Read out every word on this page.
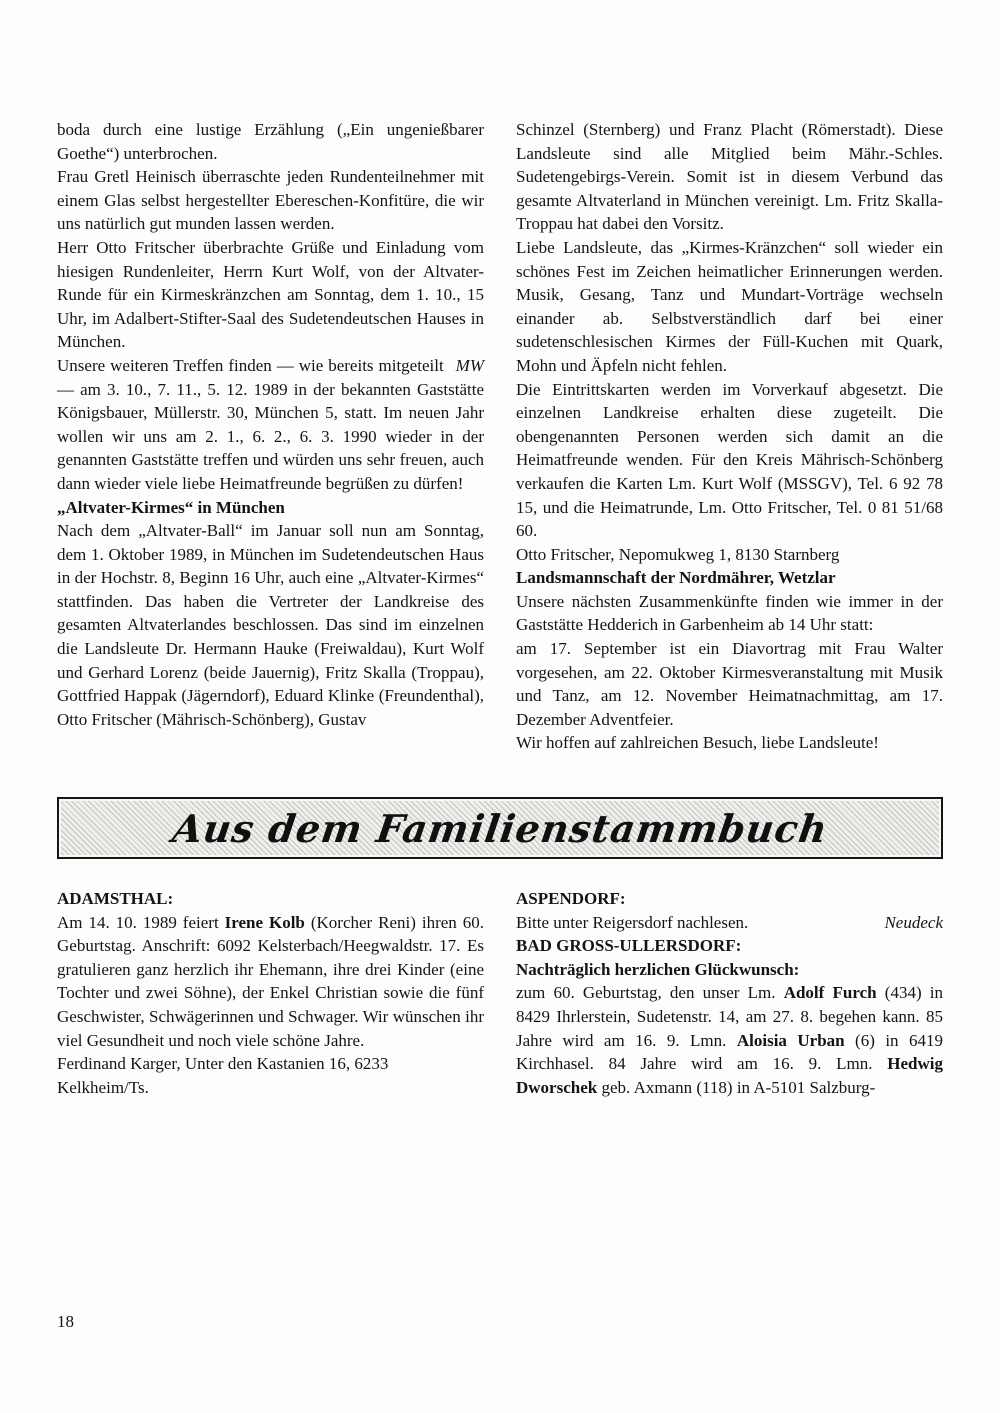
boda durch eine lustige Erzählung („Ein ungenießbarer Goethe“) unterbrochen.

Frau Gretl Heinisch überraschte jeden Rundenteilnehmer mit einem Glas selbst hergestellter Ebereschen-Konfitüre, die wir uns natürlich gut munden lassen werden.

Herr Otto Fritscher überbrachte Grüße und Einladung vom hiesigen Rundenleiter, Herrn Kurt Wolf, von der Altvater-Runde für ein Kirmeskränzchen am Sonntag, dem 1. 10., 15 Uhr, im Adalbert-Stifter-Saal des Sudetendeutschen Hauses in München.

MW
Unsere weiteren Treffen finden — wie bereits mitgeteilt — am 3. 10., 7. 11., 5. 12. 1989 in der bekannten Gaststätte Königsbauer, Müllerstr. 30, München 5, statt. Im neuen Jahr wollen wir uns am 2. 1., 6. 2., 6. 3. 1990 wieder in der genannten Gaststätte treffen und würden uns sehr freuen, auch dann wieder viele liebe Heimatfreunde begrüßen zu dürfen!

„Altvater-Kirmes“ in München

Nach dem „Altvater-Ball“ im Januar soll nun am Sonntag, dem 1. Oktober 1989, in München im Sudetendeutschen Haus in der Hochstr. 8, Beginn 16 Uhr, auch eine „Altvater-Kirmes“ stattfinden. Das haben die Vertreter der Landkreise des gesamten Altvaterlandes beschlossen. Das sind im einzelnen die Landsleute Dr. Hermann Hauke (Freiwaldau), Kurt Wolf und Gerhard Lorenz (beide Jauernig), Fritz Skalla (Troppau), Gottfried Happak (Jägerndorf), Eduard Klinke (Freundenthal), Otto Fritscher (Mährisch-Schönberg), Gustav

Schinzel (Sternberg) und Franz Placht (Römerstadt). Diese Landsleute sind alle Mitglied beim Mähr.-Schles. Sudetengebirgs-Verein. Somit ist in diesem Verbund das gesamte Altvaterland in München vereinigt. Lm. Fritz Skalla-Troppau hat dabei den Vorsitz.

Liebe Landsleute, das „Kirmes-Kränzchen“ soll wieder ein schönes Fest im Zeichen heimatlicher Erinnerungen werden. Musik, Gesang, Tanz und Mundart-Vorträge wechseln einander ab. Selbstverständlich darf bei einer sudetenschlesischen Kirmes der Füll-Kuchen mit Quark, Mohn und Äpfeln nicht fehlen.

Die Eintrittskarten werden im Vorverkauf abgesetzt. Die einzelnen Landkreise erhalten diese zugeteilt. Die obengenannten Personen werden sich damit an die Heimatfreunde wenden. Für den Kreis Mährisch-Schönberg verkaufen die Karten Lm. Kurt Wolf (MSSGV), Tel. 6 92 78 15, und die Heimatrunde, Lm. Otto Fritscher, Tel. 0 81 51/68 60.

Otto Fritscher, Nepomukweg 1, 8130 Starnberg

Landsmannschaft der Nordmährer, Wetzlar

Unsere nächsten Zusammenkünfte finden wie immer in der Gaststätte Hedderich in Garbenheim ab 14 Uhr statt:

am 17. September ist ein Diavortrag mit Frau Walter vorgesehen, am 22. Oktober Kirmesveranstaltung mit Musik und Tanz, am 12. November Heimatnachmittag, am 17. Dezember Adventfeier.

Wir hoffen auf zahlreichen Besuch, liebe Landsleute!

Aus dem Familienstammbuch

ADAMSTHAL:

Am 14. 10. 1989 feiert Irene Kolb (Korcher Reni) ihren 60. Geburtstag. Anschrift: 6092 Kelsterbach/Heegwaldstr. 17. Es gratulieren ganz herzlich ihr Ehemann, ihre drei Kinder (eine Tochter und zwei Söhne), der Enkel Christian sowie die fünf Geschwister, Schwägerinnen und Schwager. Wir wünschen ihr viel Gesundheit und noch viele schöne Jahre.

Ferdinand Karger, Unter den Kastanien 16, 6233 Kelkheim/Ts.

ASPENDORF:

Neudeck
Bitte unter Reigersdorf nachlesen.

BAD GROSS-ULLERSDORF:

Nachträglich herzlichen Glückwunsch:

zum 60. Geburtstag, den unser Lm. Adolf Furch (434) in 8429 Ihrlerstein, Sudetenstr. 14, am 27. 8. begehen kann. 85 Jahre wird am 16. 9. Lmn. Aloisia Urban (6) in 6419 Kirchhasel. 84 Jahre wird am 16. 9. Lmn. Hedwig Dworschek geb. Axmann (118) in A-5101 Salzburg-

18
